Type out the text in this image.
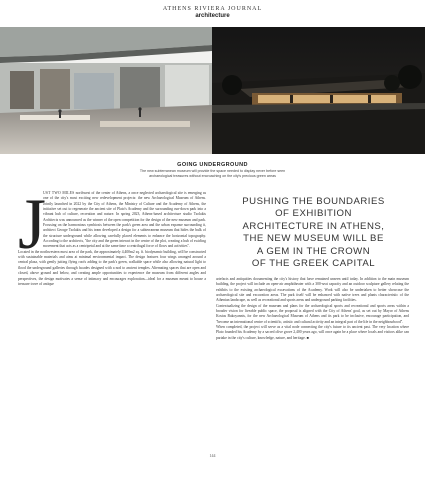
ATHENS RIVIERA JOURNAL
architecture
GOING UNDERGROUND
The new subterranean museum will provide the space needed to display never before seen
archaeological treasures without encroaching on the city's precious green areas
J

UST TWO MILES northwest of the center of Athens, a once neglected archaeological site is emerging as one of the city's most exciting new redevelopment projects: the new Archaeological Museum of Athens. Jointly launched in 2022 by the City of Athens, the Ministry of Culture and the Academy of Athens, the initiative set out to regenerate the ancient site of Plato's Academy and the surrounding run-down park into a vibrant hub of culture, recreation and nature. In spring 2023, Athens-based architecture studio Tsolakis Architects was announced as the winner of the open competition for the design of the new museum and park. Focusing on the harmonious symbiosis between the park's green area and the urban expanse surrounding it, architect George Tsolakis and his team developed a design for a subterranean museum that hides the bulk of the structure underground while allowing carefully placed elements to enhance the horizontal topography. According to the architects, "the city and the green interact in the centre of the plot, creating a hub of swirling movement that acts as a centripetal and at the same time a centrifugal force of flows and activities".

Located in the northwestern most area of the park, the approximately 4,400m2 sq. ft. biodynamic building, will be constructed with sustainable materials and aims at minimal environmental impact. The design features four wings arranged around a central plaza, with gently jutting flying roofs adding to the park's green, walkable space while also allowing natural light to flood the underground galleries through facades designed with a nod to ancient temples. Alternating spaces that are open and closed, above ground and below, and creating ample opportunities to experience the museum from different angles and perspectives, the design motivates a sense of intimacy and encourages exploration—ideal for a museum meant to house a treasure trove of antique

PUSHING THE BOUNDARIES
OF EXHIBITION
ARCHITECTURE IN ATHENS,
THE NEW MUSEUM WILL BE
A GEM IN THE CROWN
OF THE GREEK CAPITAL

artefacts and antiquities documenting the city's history that have remained unseen until today. In addition to the main museum building, the project will include an open-air amphitheater with a 300-seat capacity and an outdoor sculpture gallery relating the exhibits to the existing archaeological excavations of the Academy. Work will also be undertaken to better showcase the archaeological site and excavation areas. The park itself will be enhanced with native trees and plants characteristic of the Athenian landscape, as well as recreational and sports areas and underground parking facilities.

Contextualizing the design of the museum and plans for the archaeological sports and recreational and sports areas within a broader vision for liveable public space, the proposal is aligned with the City of Athens' goal, as set out by Mayor of Athens Kostas Bakoyannis, for the new Archaeological Museum of Athens and its park to be inclusive, encourage participation, and "become an international centre of scientific, artistic and cultural activity and an integral part of the life in the neighbourhood".

When completed, the project will serve as a vital node connecting the city's future to its ancient past. The very location where Plato founded his Academy by a sacred olive grove 2,400 years ago, will once again be a place where locals and visitors alike can partake in the city's culture, knowledge, nature, and heritage. ■

144
